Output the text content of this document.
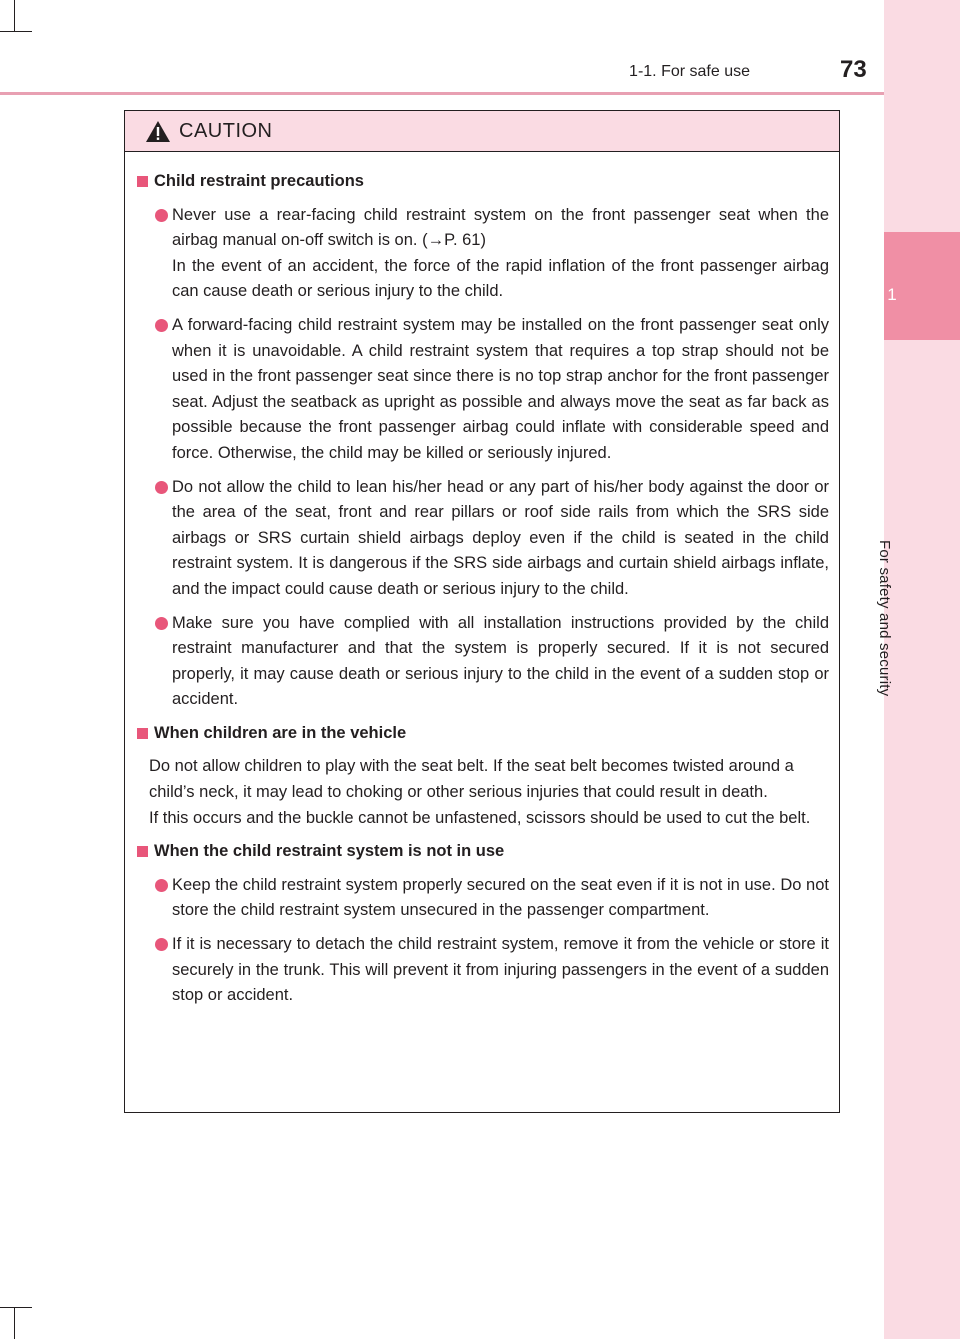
1
For safety and security
1-1. For safe use	73
CAUTION
Child restraint precautions

Never use a rear-facing child restraint system on the front passenger seat when the airbag manual on-off switch is on. (→P. 61)

In the event of an accident, the force of the rapid inflation of the front passenger airbag can cause death or serious injury to the child.

A forward-facing child restraint system may be installed on the front passenger seat only when it is unavoidable. A child restraint system that requires a top strap should not be used in the front passenger seat since there is no top strap anchor for the front passenger seat. Adjust the seatback as upright as possible and always move the seat as far back as possible because the front passenger airbag could inflate with considerable speed and force. Otherwise, the child may be killed or seriously injured.

Do not allow the child to lean his/her head or any part of his/her body against the door or the area of the seat, front and rear pillars or roof side rails from which the SRS side airbags or SRS curtain shield airbags deploy even if the child is seated in the child restraint system. It is dangerous if the SRS side airbags and curtain shield airbags inflate, and the impact could cause death or serious injury to the child.

Make sure you have complied with all installation instructions provided by the child restraint manufacturer and that the system is properly secured. If it is not secured properly, it may cause death or serious injury to the child in the event of a sudden stop or accident.

When children are in the vehicle

Do not allow children to play with the seat belt. If the seat belt becomes twisted around a child’s neck, it may lead to choking or other serious injuries that could result in death.

If this occurs and the buckle cannot be unfastened, scissors should be used to cut the belt.

When the child restraint system is not in use

Keep the child restraint system properly secured on the seat even if it is not in use. Do not store the child restraint system unsecured in the passenger compartment.

If it is necessary to detach the child restraint system, remove it from the vehicle or store it securely in the trunk. This will prevent it from injuring passengers in the event of a sudden stop or accident.
